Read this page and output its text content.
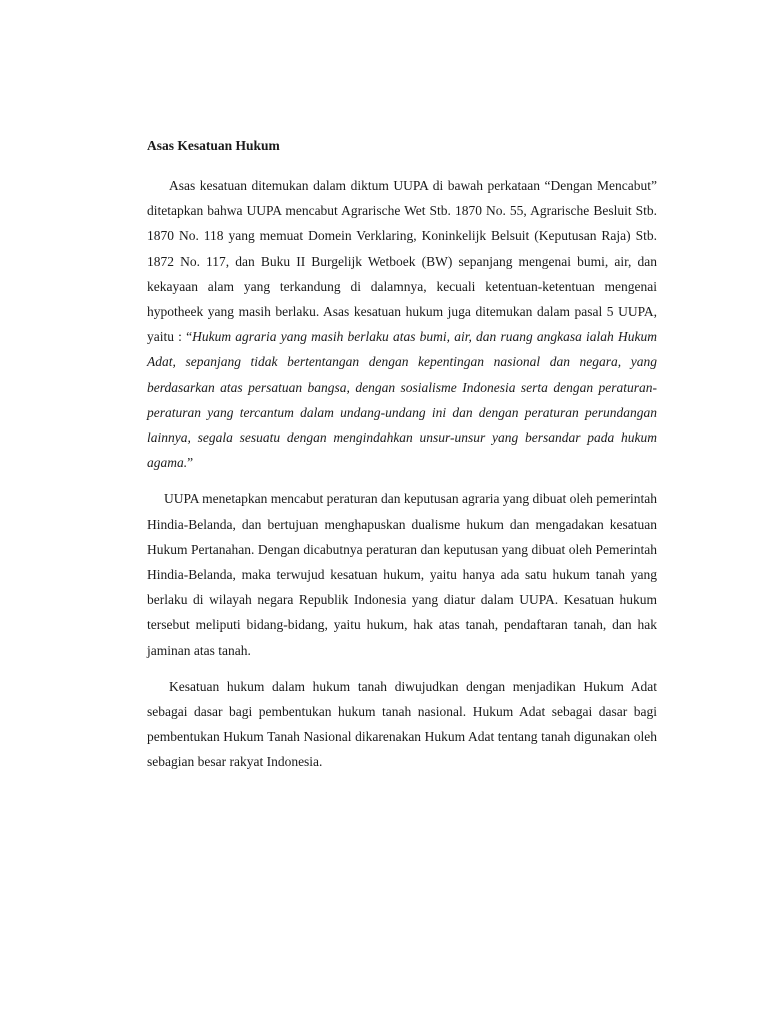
Asas Kesatuan Hukum

Asas kesatuan ditemukan dalam diktum UUPA di bawah perkataan “Dengan Mencabut” ditetapkan bahwa UUPA mencabut Agrarische Wet Stb. 1870 No. 55, Agrarische Besluit Stb. 1870 No. 118 yang memuat Domein Verklaring, Koninkelijk Belsuit (Keputusan Raja) Stb. 1872 No. 117, dan Buku II Burgelijk Wetboek (BW) sepanjang mengenai bumi, air, dan kekayaan alam yang terkandung di dalamnya, kecuali ketentuan-ketentuan mengenai hypotheek yang masih berlaku. Asas kesatuan hukum juga ditemukan dalam pasal 5 UUPA, yaitu : “Hukum agraria yang masih berlaku atas bumi, air, dan ruang angkasa ialah Hukum Adat, sepanjang tidak bertentangan dengan kepentingan nasional dan negara, yang berdasarkan atas persatuan bangsa, dengan sosialisme Indonesia serta dengan peraturan-peraturan yang tercantum dalam undang-undang ini dan dengan peraturan perundangan lainnya, segala sesuatu dengan mengindahkan unsur-unsur yang bersandar pada hukum agama.”

UUPA menetapkan mencabut peraturan dan keputusan agraria yang dibuat oleh pemerintah Hindia-Belanda, dan bertujuan menghapuskan dualisme hukum dan mengadakan kesatuan Hukum Pertanahan. Dengan dicabutnya peraturan dan keputusan yang dibuat oleh Pemerintah Hindia-Belanda, maka terwujud kesatuan hukum, yaitu hanya ada satu hukum tanah yang berlaku di wilayah negara Republik Indonesia yang diatur dalam UUPA. Kesatuan hukum tersebut meliputi bidang-bidang, yaitu hukum, hak atas tanah, pendaftaran tanah, dan hak jaminan atas tanah.

Kesatuan hukum dalam hukum tanah diwujudkan dengan menjadikan Hukum Adat sebagai dasar bagi pembentukan hukum tanah nasional. Hukum Adat sebagai dasar bagi pembentukan Hukum Tanah Nasional dikarenakan Hukum Adat tentang tanah digunakan oleh sebagian besar rakyat Indonesia.
